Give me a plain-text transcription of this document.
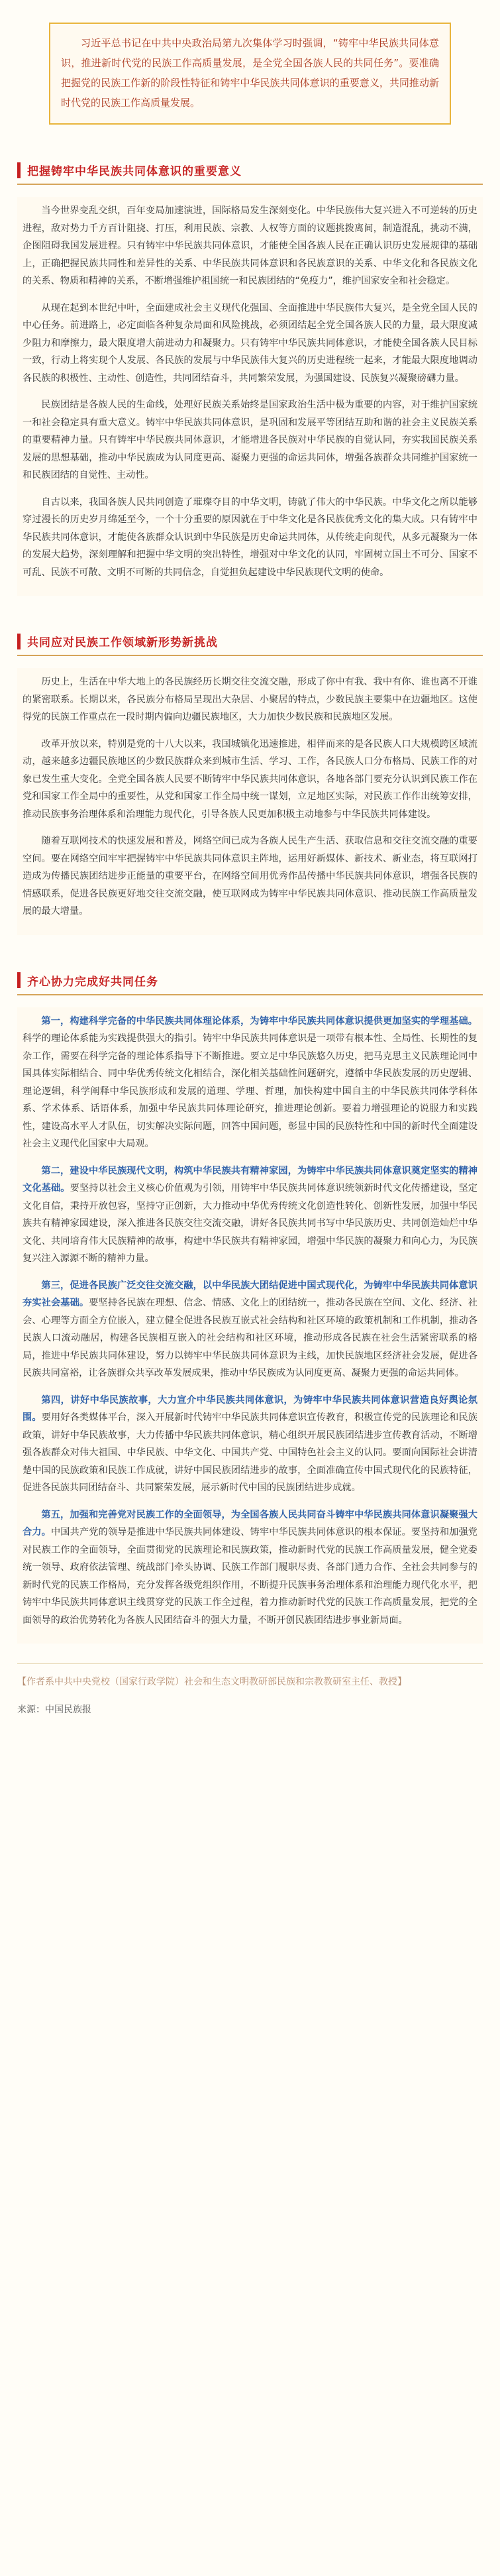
习近平总书记在中共中央政治局第九次集体学习时强调，“铸牢中华民族共同体意识，推进新时代党的民族工作高质量发展，是全党全国各族人民的共同任务”。要准确把握党的民族工作新的阶段性特征和铸牢中华民族共同体意识的重要意义，共同推动新时代党的民族工作高质量发展。

把握铸牢中华民族共同体意识的重要意义

当今世界变乱交织，百年变局加速演进，国际格局发生深刻变化。中华民族伟大复兴进入不可逆转的历史进程，敌对势力千方百计阻挠、打压，利用民族、宗教、人权等方面的议题挑拨离间，制造混乱，挑动不满，企图阻碍我国发展进程。只有铸牢中华民族共同体意识，才能使全国各族人民在正确认识历史发展规律的基础上，正确把握民族共同性和差异性的关系、中华民族共同体意识和各民族意识的关系、中华文化和各民族文化的关系、物质和精神的关系，不断增强维护祖国统一和民族团结的“免疫力”，维护国家安全和社会稳定。

从现在起到本世纪中叶，全面建成社会主义现代化强国、全面推进中华民族伟大复兴，是全党全国人民的中心任务。前进路上，必定面临各种复杂局面和风险挑战，必须团结起全党全国各族人民的力量，最大限度减少阻力和摩擦力，最大限度增大前进动力和凝聚力。只有铸牢中华民族共同体意识，才能使全国各族人民目标一致，行动上将实现个人发展、各民族的发展与中华民族伟大复兴的历史进程统一起来，才能最大限度地调动各民族的积极性、主动性、创造性，共同团结奋斗，共同繁荣发展，为强国建设、民族复兴凝聚磅礴力量。

民族团结是各族人民的生命线，处理好民族关系始终是国家政治生活中极为重要的内容，对于维护国家统一和社会稳定具有重大意义。铸牢中华民族共同体意识，是巩固和发展平等团结互助和谐的社会主义民族关系的重要精神力量。只有铸牢中华民族共同体意识，才能增进各民族对中华民族的自觉认同，夯实我国民族关系发展的思想基础，推动中华民族成为认同度更高、凝聚力更强的命运共同体，增强各族群众共同维护国家统一和民族团结的自觉性、主动性。

自古以来，我国各族人民共同创造了璀璨夺目的中华文明，铸就了伟大的中华民族。中华文化之所以能够穿过漫长的历史岁月绵延至今，一个十分重要的原因就在于中华文化是各民族优秀文化的集大成。只有铸牢中华民族共同体意识，才能使各族群众认识到中华民族是历史命运共同体，从传统走向现代，从多元凝聚为一体的发展大趋势，深刻理解和把握中华文明的突出特性，增强对中华文化的认同，牢固树立国土不可分、国家不可乱、民族不可散、文明不可断的共同信念，自觉担负起建设中华民族现代文明的使命。

共同应对民族工作领域新形势新挑战

历史上，生活在中华大地上的各民族经历长期交往交流交融，形成了你中有我、我中有你、谁也离不开谁的紧密联系。长期以来，各民族分布格局呈现出大杂居、小聚居的特点，少数民族主要集中在边疆地区。这使得党的民族工作重点在一段时期内偏向边疆民族地区，大力加快少数民族和民族地区发展。

改革开放以来，特别是党的十八大以来，我国城镇化迅速推进，相伴而来的是各民族人口大规模跨区域流动，越来越多边疆民族地区的少数民族群众来到城市生活、学习、工作，各民族人口分布格局、民族工作的对象已发生重大变化。全党全国各族人民要不断铸牢中华民族共同体意识，各地各部门要充分认识到民族工作在党和国家工作全局中的重要性，从党和国家工作全局中统一谋划，立足地区实际，对民族工作作出统筹安排，推动民族事务治理体系和治理能力现代化，引导各族人民更加积极主动地参与中华民族共同体建设。

随着互联网技术的快速发展和普及，网络空间已成为各族人民生产生活、获取信息和交往交流交融的重要空间。要在网络空间牢牢把握铸牢中华民族共同体意识主阵地，运用好新媒体、新技术、新业态，将互联网打造成为传播民族团结进步正能量的重要平台，在网络空间用优秀作品传播中华民族共同体意识，增强各民族的情感联系，促进各民族更好地交往交流交融，使互联网成为铸牢中华民族共同体意识、推动民族工作高质量发展的最大增量。

齐心协力完成好共同任务

第一，构建科学完备的中华民族共同体理论体系，为铸牢中华民族共同体意识提供更加坚实的学理基础。科学的理论体系能为实践提供强大的指引。铸牢中华民族共同体意识是一项带有根本性、全局性、长期性的复杂工作，需要在科学完备的理论体系指导下不断推进。要立足中华民族悠久历史，把马克思主义民族理论同中国具体实际相结合、同中华优秀传统文化相结合，深化相关基础性问题研究，遵循中华民族发展的历史逻辑、理论逻辑，科学阐释中华民族形成和发展的道理、学理、哲理，加快构建中国自主的中华民族共同体学科体系、学术体系、话语体系，加强中华民族共同体理论研究，推进理论创新。要着力增强理论的说服力和实践性，建设高水平人才队伍，切实解决实际问题，回答中国问题，彰显中国的民族特性和中国的新时代全面建设社会主义现代化国家中大局观。

第二，建设中华民族现代文明，构筑中华民族共有精神家园，为铸牢中华民族共同体意识奠定坚实的精神文化基础。要坚持以社会主义核心价值观为引领，用铸牢中华民族共同体意识统领新时代文化传播建设，坚定文化自信，秉持开放包容，坚持守正创新，大力推动中华优秀传统文化创造性转化、创新性发展，加强中华民族共有精神家园建设，深入推进各民族交往交流交融，讲好各民族共同书写中华民族历史、共同创造灿烂中华文化、共同培育伟大民族精神的故事，构建中华民族共有精神家园，增强中华民族的凝聚力和向心力，为民族复兴注入源源不断的精神力量。

第三，促进各民族广泛交往交流交融，以中华民族大团结促进中国式现代化，为铸牢中华民族共同体意识夯实社会基础。要坚持各民族在理想、信念、情感、文化上的团结统一，推动各民族在空间、文化、经济、社会、心理等方面全方位嵌入，建立健全促进各民族互嵌式社会结构和社区环境的政策机制和工作机制，推动各民族人口流动融居，构建各民族相互嵌入的社会结构和社区环境，推动形成各民族在社会生活紧密联系的格局，推进中华民族共同体建设，努力以铸牢中华民族共同体意识为主线，加快民族地区经济社会发展，促进各民族共同富裕，让各族群众共享改革发展成果，推动中华民族成为认同度更高、凝聚力更强的命运共同体。

第四，讲好中华民族故事，大力宣介中华民族共同体意识，为铸牢中华民族共同体意识营造良好舆论氛围。要用好各类媒体平台，深入开展新时代铸牢中华民族共同体意识宣传教育，积极宣传党的民族理论和民族政策，讲好中华民族故事，大力传播中华民族共同体意识，精心组织开展民族团结进步宣传教育活动，不断增强各族群众对伟大祖国、中华民族、中华文化、中国共产党、中国特色社会主义的认同。要面向国际社会讲清楚中国的民族政策和民族工作成就，讲好中国民族团结进步的故事，全面准确宣传中国式现代化的民族特征，促进各民族共同团结奋斗、共同繁荣发展，展示新时代中国的民族团结进步成就。

第五，加强和完善党对民族工作的全面领导，为全国各族人民共同奋斗铸牢中华民族共同体意识凝聚强大合力。中国共产党的领导是推进中华民族共同体建设、铸牢中华民族共同体意识的根本保证。要坚持和加强党对民族工作的全面领导，全面贯彻党的民族理论和民族政策，推动新时代党的民族工作高质量发展，健全党委统一领导、政府依法管理、统战部门牵头协调、民族工作部门履职尽责、各部门通力合作、全社会共同参与的新时代党的民族工作格局，充分发挥各级党组织作用，不断提升民族事务治理体系和治理能力现代化水平，把铸牢中华民族共同体意识主线贯穿党的民族工作全过程，着力推动新时代党的民族工作高质量发展，把党的全面领导的政治优势转化为各族人民团结奋斗的强大力量，不断开创民族团结进步事业新局面。

【作者系中共中央党校（国家行政学院）社会和生态文明教研部民族和宗教教研室主任、教授】
来源：中国民族报
